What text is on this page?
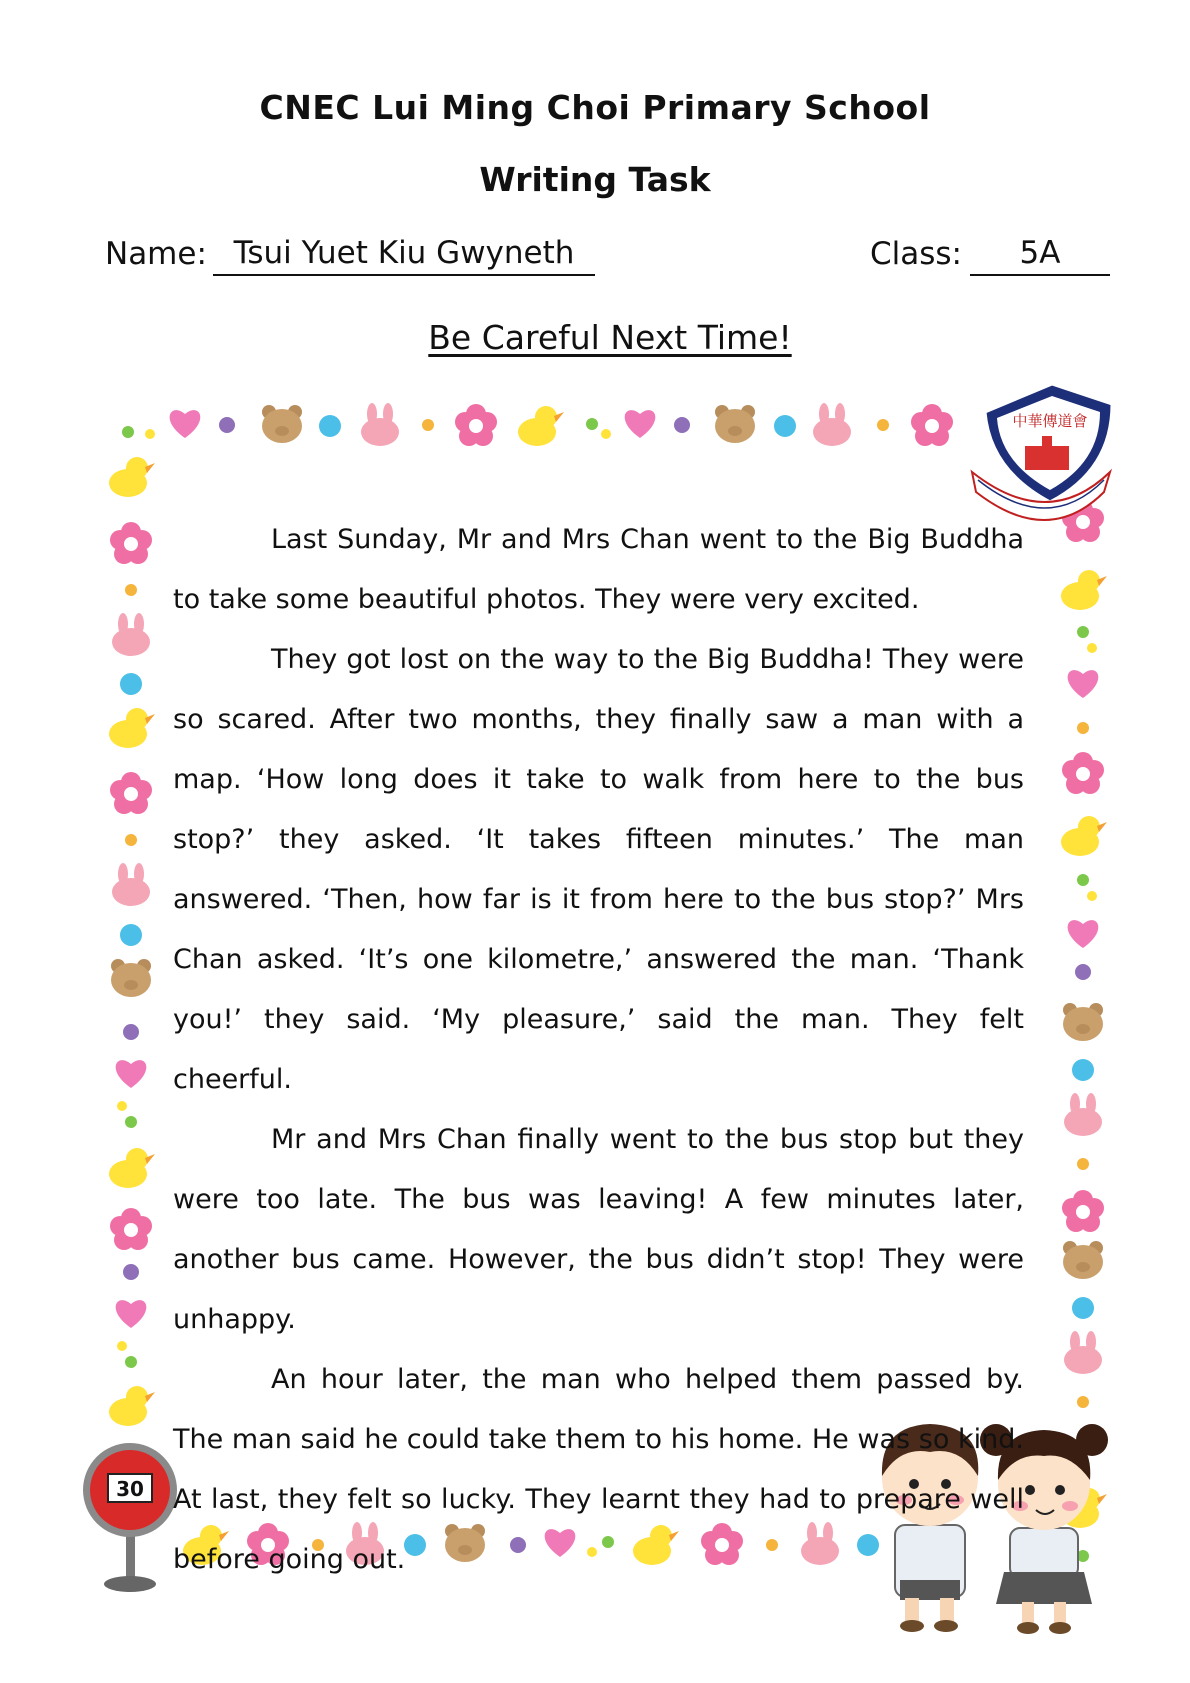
CNEC Lui Ming Choi Primary School
Writing Task
Name: Tsui Yuet Kiu Gwyneth	Class:	5A
Be Careful Next Time!
中華傳道會
30

Last Sunday, Mr and Mrs Chan went to the Big Buddha to take some beautiful photos. They were very excited.

They got lost on the way to the Big Buddha! They were so scared. After two months, they finally saw a man with a map. ‘How long does it take to walk from here to the bus stop?’ they asked. ‘It takes fifteen minutes.’ The man answered. ‘Then, how far is it from here to the bus stop?’ Mrs Chan asked. ‘It’s one kilometre,’ answered the man. ‘Thank you!’ they said. ‘My pleasure,’ said the man. They felt cheerful.

Mr and Mrs Chan finally went to the bus stop but they were too late. The bus was leaving! A few minutes later, another bus came. However, the bus didn’t stop! They were unhappy.

An hour later, the man who helped them passed by. The man said he could take them to his home. He was so kind. At last, they felt so lucky. They learnt they had to prepare well before going out.
